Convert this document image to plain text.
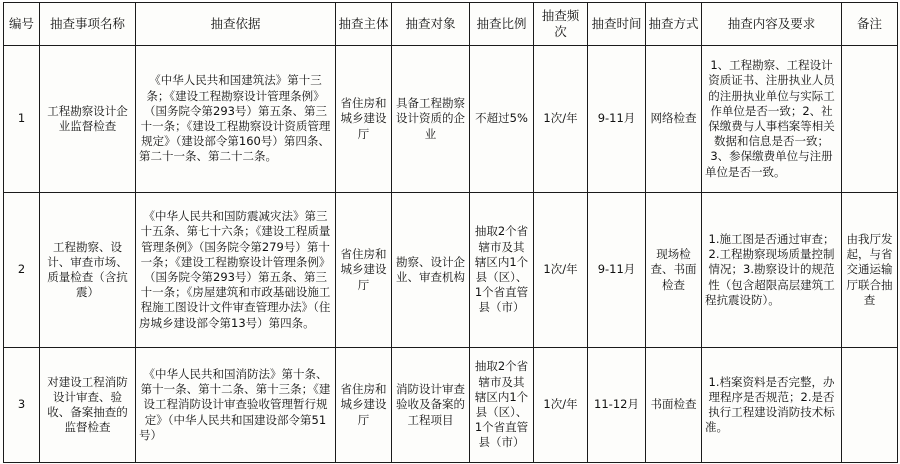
编号	抽查事项名称	抽查依据	抽查主体	抽查对象	抽查比例	抽查频次	抽查时间	抽查方式	抽查内容及要求	备注
1	工程勘察设计企业监督检查	《中华人民共和国建筑法》第十三条；《建设工程勘察设计管理条例》（国务院令第293号）第五条、第三十一条；《建设工程勘察设计资质管理规定》（建设部令第160号）第四条、第二十一条、第二十二条。	省住房和城乡建设厅	具备工程勘察设计资质的企业	不超过5%	1次/年	9-11月	网络检查	1、工程勘察、工程设计资质证书、注册执业人员的注册执业单位与实际工作单位是否一致；2、社保缴费与人事档案等相关数据和信息是否一致；3、参保缴费单位与注册单位是否一致。	
2	工程勘察、设计、审查市场、质量检查（含抗震）	《中华人民共和国防震减灾法》第三十五条、第七十六条；《建设工程质量管理条例》（国务院令第279号）第十一条；《建设工程勘察设计管理条例》（国务院令第293号）第五条、第三十一条；《房屋建筑和市政基础设施工程施工图设计文件审查管理办法》（住房城乡建设部令第13号）第四条。	省住房和城乡建设厅	勘察、设计企业、审查机构	抽取2个省辖市及其辖区内1个县（区）、1个省直管县（市）	1次/年	9-11月	现场检查、书面检查	1.施工图是否通过审查；2.工程勘察现场质量控制情况；3.勘察设计的规范性（包含超限高层建筑工程抗震设防）。	由我厅发起，与省交通运输厅联合抽查
3	对建设工程消防设计审查、验收、备案抽查的监督检查	《中华人民共和国消防法》第十条、第十一条、第十二条、第十三条；《建设工程消防设计审查验收管理暂行规定》（中华人民共和国建设部令第51号）	省住房和城乡建设厅	消防设计审查验收及备案的工程项目	抽取2个省辖市及其辖区内1个县（区）、1个省直管县（市）	1次/年	11-12月	书面检查	1.档案资料是否完整，办理程序是否规范；2.是否执行工程建设消防技术标准。	
